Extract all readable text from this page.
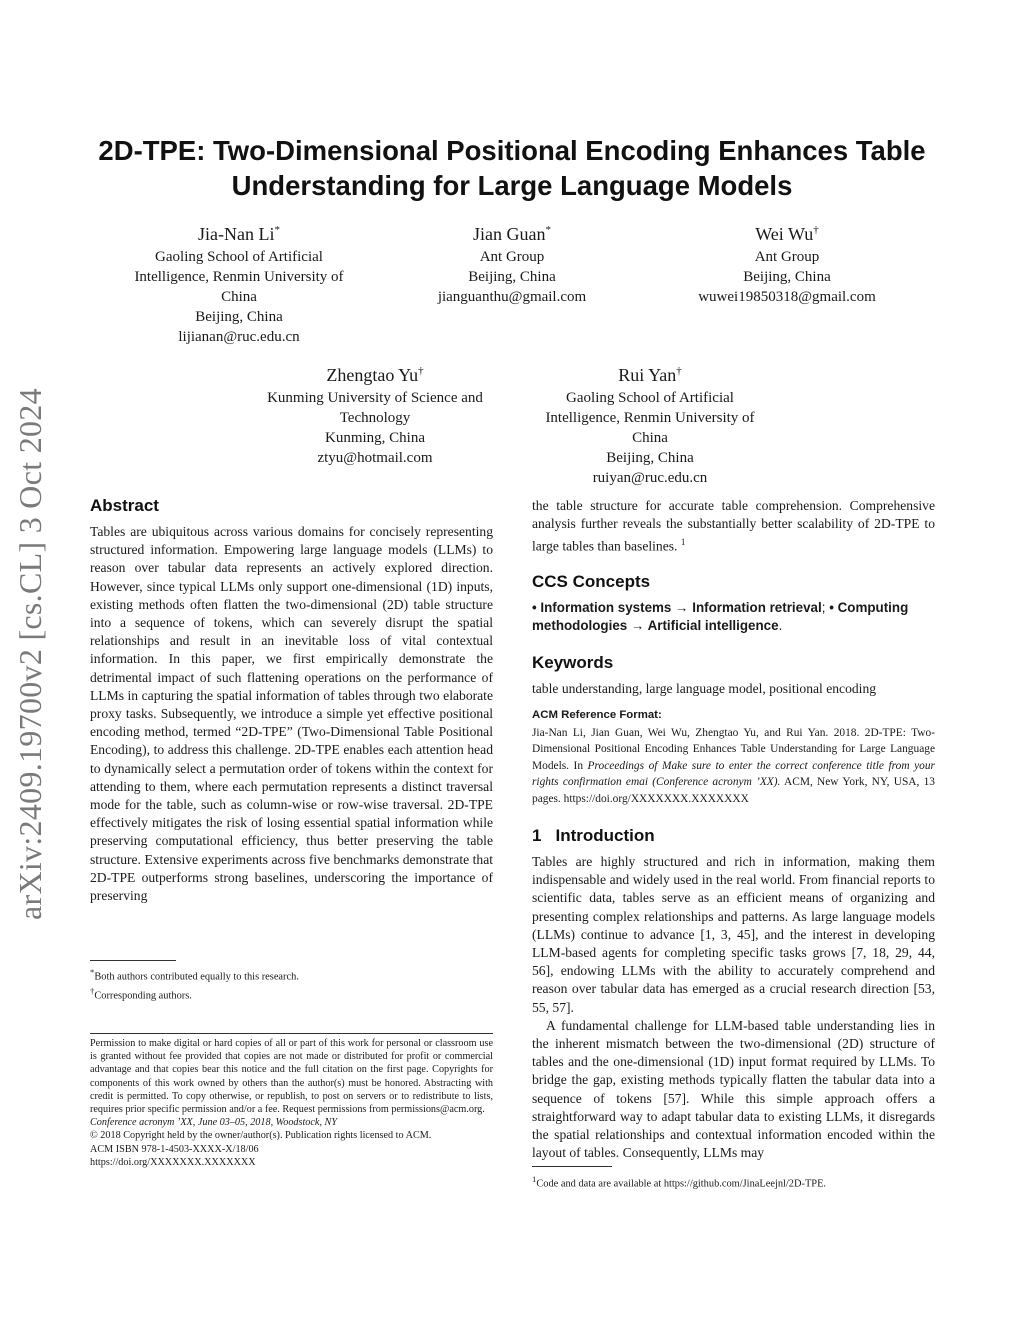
arXiv:2409.19700v2 [cs.CL] 3 Oct 2024
2D-TPE: Two-Dimensional Positional Encoding Enhances Table
Understanding for Large Language Models
Jia-Nan Li*
Gaoling School of Artificial
Intelligence, Renmin University of
China
Beijing, China
lijianan@ruc.edu.cn
Jian Guan*
Ant Group
Beijing, China
jianguanthu@gmail.com
Wei Wu†
Ant Group
Beijing, China
wuwei19850318@gmail.com
Zhengtao Yu†
Kunming University of Science and
Technology
Kunming, China
ztyu@hotmail.com
Rui Yan†
Gaoling School of Artificial
Intelligence, Renmin University of
China
Beijing, China
ruiyan@ruc.edu.cn
Abstract

Tables are ubiquitous across various domains for concisely representing structured information. Empowering large language models (LLMs) to reason over tabular data represents an actively explored direction. However, since typical LLMs only support one-dimensional (1D) inputs, existing methods often flatten the two-dimensional (2D) table structure into a sequence of tokens, which can severely disrupt the spatial relationships and result in an inevitable loss of vital contextual information. In this paper, we first empirically demonstrate the detrimental impact of such flattening operations on the performance of LLMs in capturing the spatial information of tables through two elaborate proxy tasks. Subsequently, we introduce a simple yet effective positional encoding method, termed “2D-TPE” (Two-Dimensional Table Positional Encoding), to address this challenge. 2D-TPE enables each attention head to dynamically select a permutation order of tokens within the context for attending to them, where each permutation represents a distinct traversal mode for the table, such as column-wise or row-wise traversal. 2D-TPE effectively mitigates the risk of losing essential spatial information while preserving computational efficiency, thus better preserving the table structure. Extensive experiments across five benchmarks demonstrate that 2D-TPE outperforms strong baselines, underscoring the importance of preserving

*Both authors contributed equally to this research.

†Corresponding authors.

Permission to make digital or hard copies of all or part of this work for personal or classroom use is granted without fee provided that copies are not made or distributed for profit or commercial advantage and that copies bear this notice and the full citation on the first page. Copyrights for components of this work owned by others than the author(s) must be honored. Abstracting with credit is permitted. To copy otherwise, or republish, to post on servers or to redistribute to lists, requires prior specific permission and/or a fee. Request permissions from permissions@acm.org.

Conference acronym ’XX, June 03–05, 2018, Woodstock, NY

© 2018 Copyright held by the owner/author(s). Publication rights licensed to ACM.

ACM ISBN 978-1-4503-XXXX-X/18/06

https://doi.org/XXXXXXX.XXXXXXX

the table structure for accurate table comprehension. Comprehensive analysis further reveals the substantially better scalability of 2D-TPE to large tables than baselines. $^1$

CCS Concepts

• Information systems → Information retrieval; • Computing methodologies → Artificial intelligence.

Keywords

table understanding, large language model, positional encoding

ACM Reference Format:

Jia-Nan Li, Jian Guan, Wei Wu, Zhengtao Yu, and Rui Yan. 2018. 2D-TPE: Two-Dimensional Positional Encoding Enhances Table Understanding for Large Language Models. In Proceedings of Make sure to enter the correct conference title from your rights confirmation emai (Conference acronym ’XX). ACM, New York, NY, USA, 13 pages. https://doi.org/XXXXXXX.XXXXXXX

1 Introduction

Tables are highly structured and rich in information, making them indispensable and widely used in the real world. From financial reports to scientific data, tables serve as an efficient means of organizing and presenting complex relationships and patterns. As large language models (LLMs) continue to advance [1, 3, 45], and the interest in developing LLM-based agents for completing specific tasks grows [7, 18, 29, 44, 56], endowing LLMs with the ability to accurately comprehend and reason over tabular data has emerged as a crucial research direction [53, 55, 57].

A fundamental challenge for LLM-based table understanding lies in the inherent mismatch between the two-dimensional (2D) structure of tables and the one-dimensional (1D) input format required by LLMs. To bridge the gap, existing methods typically flatten the tabular data into a sequence of tokens [57]. While this simple approach offers a straightforward way to adapt tabular data to existing LLMs, it disregards the spatial relationships and contextual information encoded within the layout of tables. Consequently, LLMs may

$^1$Code and data are available at https://github.com/JinaLeejnl/2D-TPE.
